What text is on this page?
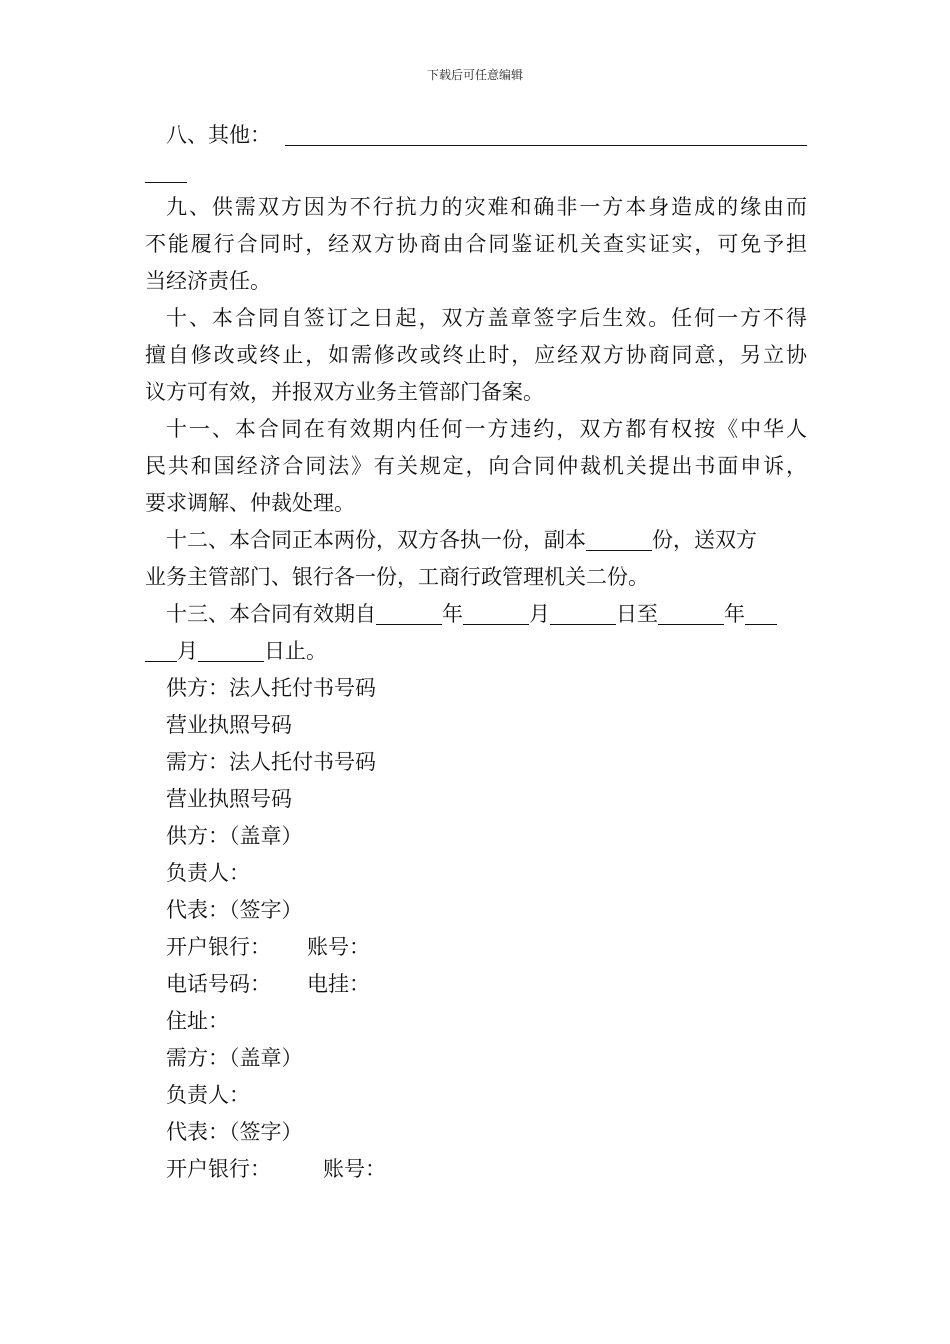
下载后可任意编辑
八、其他：
九、供需双方因为不行抗力的灾难和确非一方本身造成的缘由而
不能履行合同时，经双方协商由合同鉴证机关查实证实，可免予担
当经济责任。
十、本合同自签订之日起，双方盖章签字后生效。任何一方不得
擅自修改或终止，如需修改或终止时，应经双方协商同意，另立协
议方可有效，并报双方业务主管部门备案。
十一、本合同在有效期内任何一方违约，双方都有权按《中华人
民共和国经济合同法》有关规定，向合同仲裁机关提出书面申诉，
要求调解、仲裁处理。
十二、本合同正本两份，双方各执一份，副本	份，送双方
业务主管部门、银行各一份，工商行政管理机关二份。
十三、本合同有效期自	年	月	日至	年
月	日止。
供方：法人托付书号码
营业执照号码
需方：法人托付书号码
营业执照号码
供方：（盖章）
负责人：
代表：（签字）
开户银行： 账号：
电话号码： 电挂：
住址：
需方：（盖章）
负责人：
代表：（签字）
开户银行： 账号：
